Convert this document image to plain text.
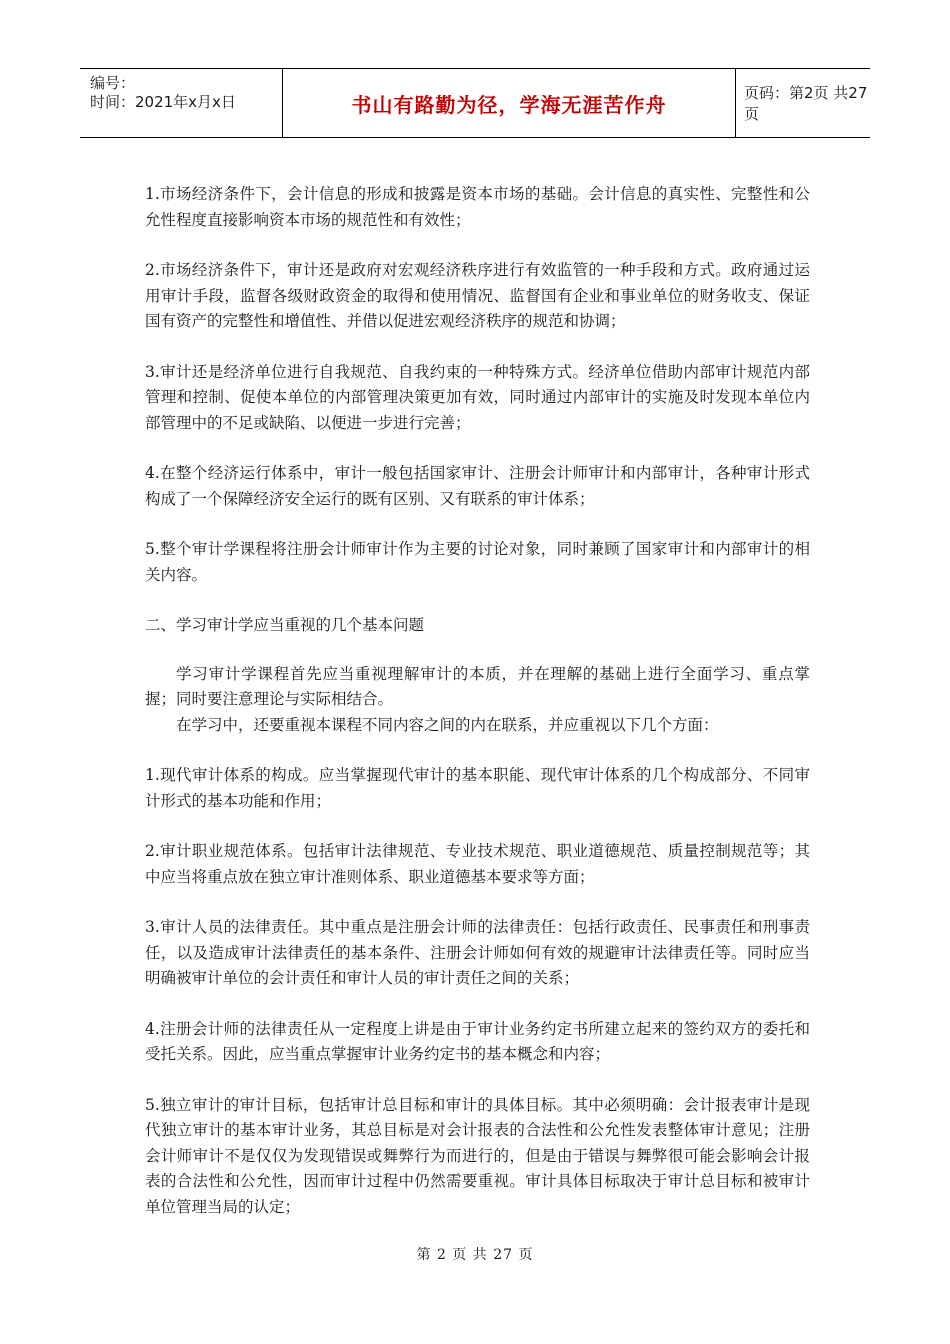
编号：
时间：2021年x月x日	书山有路勤为径，学海无涯苦作舟	页码：第2页 共27页

1.市场经济条件下，会计信息的形成和披露是资本市场的基础。会计信息的真实性、完整性和公允性程度直接影响资本市场的规范性和有效性；

2.市场经济条件下，审计还是政府对宏观经济秩序进行有效监管的一种手段和方式。政府通过运用审计手段，监督各级财政资金的取得和使用情况、监督国有企业和事业单位的财务收支、保证国有资产的完整性和增值性、并借以促进宏观经济秩序的规范和协调；

3.审计还是经济单位进行自我规范、自我约束的一种特殊方式。经济单位借助内部审计规范内部管理和控制、促使本单位的内部管理决策更加有效，同时通过内部审计的实施及时发现本单位内部管理中的不足或缺陷、以便进一步进行完善；

4.在整个经济运行体系中，审计一般包括国家审计、注册会计师审计和内部审计，各种审计形式构成了一个保障经济安全运行的既有区别、又有联系的审计体系；

5.整个审计学课程将注册会计师审计作为主要的讨论对象，同时兼顾了国家审计和内部审计的相关内容。

二、学习审计学应当重视的几个基本问题

学习审计学课程首先应当重视理解审计的本质，并在理解的基础上进行全面学习、重点掌握；同时要注意理论与实际相结合。

在学习中，还要重视本课程不同内容之间的内在联系，并应重视以下几个方面：

1.现代审计体系的构成。应当掌握现代审计的基本职能、现代审计体系的几个构成部分、不同审计形式的基本功能和作用；

2.审计职业规范体系。包括审计法律规范、专业技术规范、职业道德规范、质量控制规范等；其中应当将重点放在独立审计准则体系、职业道德基本要求等方面；

3.审计人员的法律责任。其中重点是注册会计师的法律责任：包括行政责任、民事责任和刑事责任，以及造成审计法律责任的基本条件、注册会计师如何有效的规避审计法律责任等。同时应当明确被审计单位的会计责任和审计人员的审计责任之间的关系；

4.注册会计师的法律责任从一定程度上讲是由于审计业务约定书所建立起来的签约双方的委托和受托关系。因此，应当重点掌握审计业务约定书的基本概念和内容；

5.独立审计的审计目标，包括审计总目标和审计的具体目标。其中必须明确：会计报表审计是现代独立审计的基本审计业务，其总目标是对会计报表的合法性和公允性发表整体审计意见；注册会计师审计不是仅仅为发现错误或舞弊行为而进行的，但是由于错误与舞弊很可能会影响会计报表的合法性和公允性，因而审计过程中仍然需要重视。审计具体目标取决于审计总目标和被审计单位管理当局的认定；

第 2 页 共 27 页
